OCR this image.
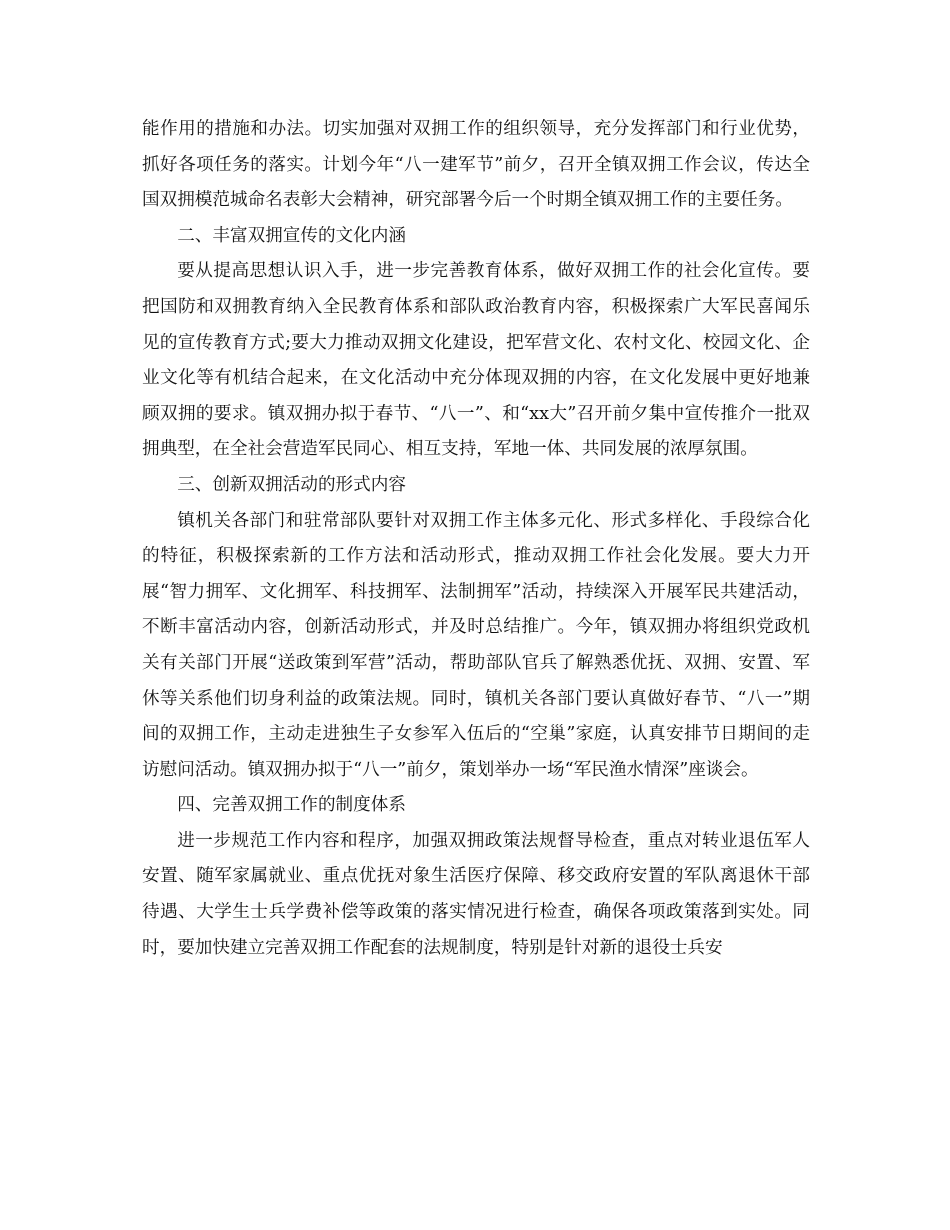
能作用的措施和办法。切实加强对双拥工作的组织领导，充分发挥部门和行业优势，抓好各项任务的落实。计划今年“八一建军节”前夕，召开全镇双拥工作会议，传达全国双拥模范城命名表彰大会精神，研究部署今后一个时期全镇双拥工作的主要任务。

二、丰富双拥宣传的文化内涵

要从提高思想认识入手，进一步完善教育体系，做好双拥工作的社会化宣传。要把国防和双拥教育纳入全民教育体系和部队政治教育内容，积极探索广大军民喜闻乐见的宣传教育方式;要大力推动双拥文化建设，把军营文化、农村文化、校园文化、企业文化等有机结合起来，在文化活动中充分体现双拥的内容，在文化发展中更好地兼顾双拥的要求。镇双拥办拟于春节、“八一”、和“xx大”召开前夕集中宣传推介一批双拥典型，在全社会营造军民同心、相互支持，军地一体、共同发展的浓厚氛围。

三、创新双拥活动的形式内容

镇机关各部门和驻常部队要针对双拥工作主体多元化、形式多样化、手段综合化的特征，积极探索新的工作方法和活动形式，推动双拥工作社会化发展。要大力开展“智力拥军、文化拥军、科技拥军、法制拥军”活动，持续深入开展军民共建活动，不断丰富活动内容，创新活动形式，并及时总结推广。今年，镇双拥办将组织党政机关有关部门开展“送政策到军营”活动，帮助部队官兵了解熟悉优抚、双拥、安置、军休等关系他们切身利益的政策法规。同时，镇机关各部门要认真做好春节、“八一”期间的双拥工作，主动走进独生子女参军入伍后的“空巢”家庭，认真安排节日期间的走访慰问活动。镇双拥办拟于“八一”前夕，策划举办一场“军民渔水情深”座谈会。

四、完善双拥工作的制度体系

进一步规范工作内容和程序，加强双拥政策法规督导检查，重点对转业退伍军人安置、随军家属就业、重点优抚对象生活医疗保障、移交政府安置的军队离退休干部待遇、大学生士兵学费补偿等政策的落实情况进行检查，确保各项政策落到实处。同时，要加快建立完善双拥工作配套的法规制度，特别是针对新的退役士兵安
